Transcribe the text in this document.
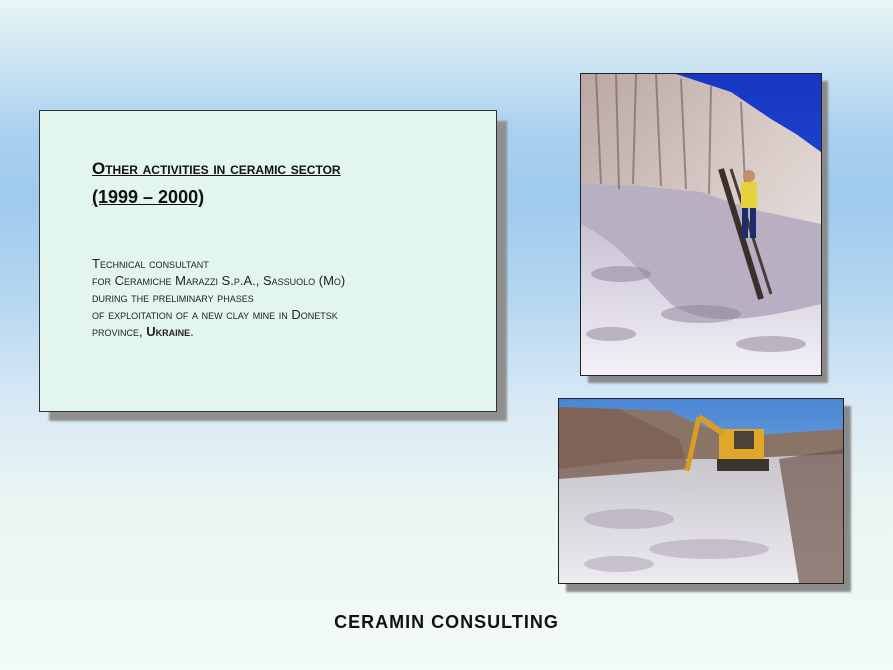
Other activities in ceramic sector
(1999 – 2000)
Technical consultant
for Ceramiche Marazzi S.p.A., Sassuolo (Mo)
during the preliminary phases
of exploitation of a new clay mine in Donetsk
province, Ukraine.
CERAMIN CONSULTING
